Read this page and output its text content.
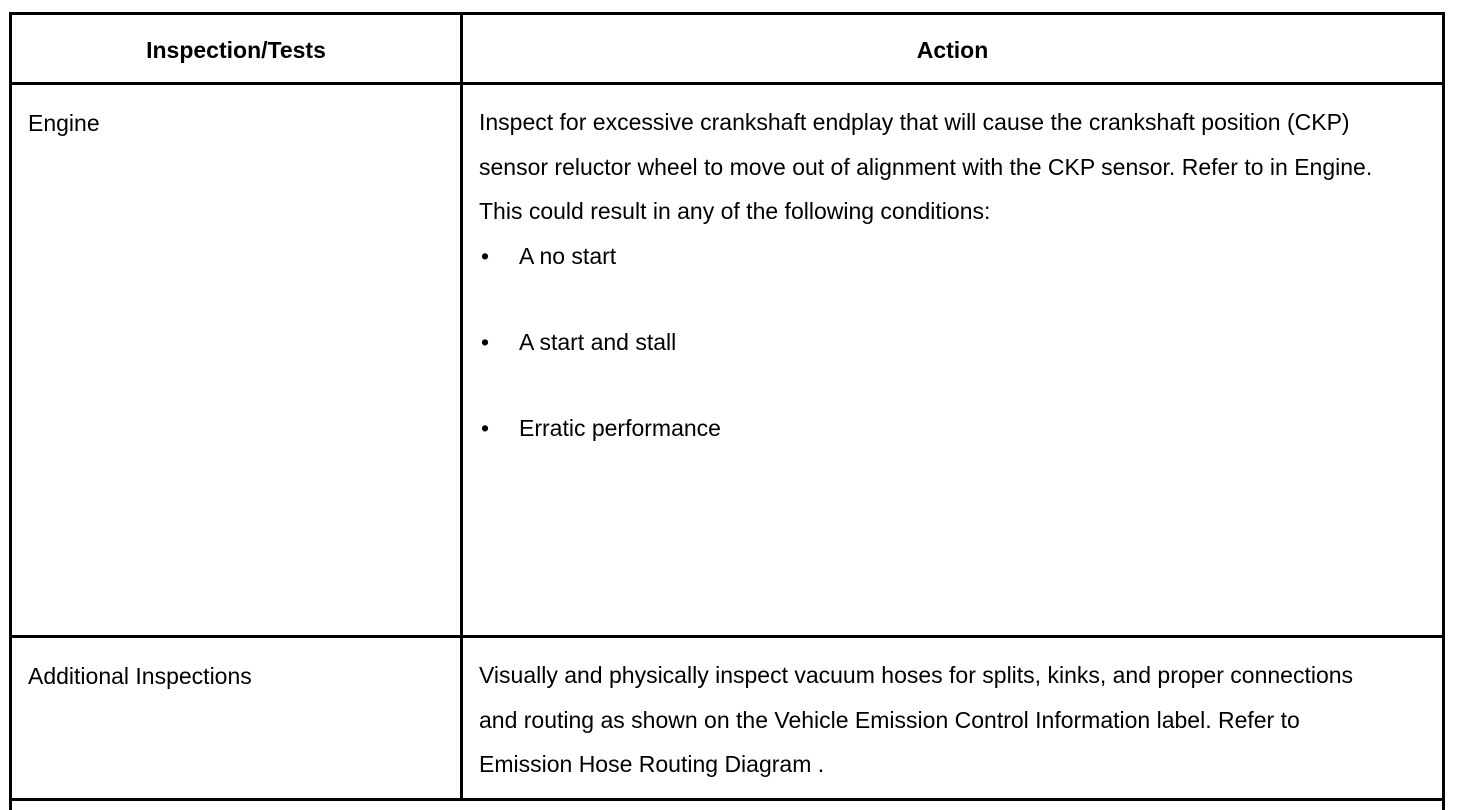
Inspection/Tests	Action
Engine	Inspect for excessive crankshaft endplay that will cause the crankshaft position (CKP) sensor reluctor wheel to move out of alignment with the CKP sensor. Refer to in Engine. This could result in any of the following conditions:
• A no start
• A start and stall
• Erratic performance
Additional Inspections	Visually and physically inspect vacuum hoses for splits, kinks, and proper connections and routing as shown on the Vehicle Emission Control Information label. Refer to Emission Hose Routing Diagram .
